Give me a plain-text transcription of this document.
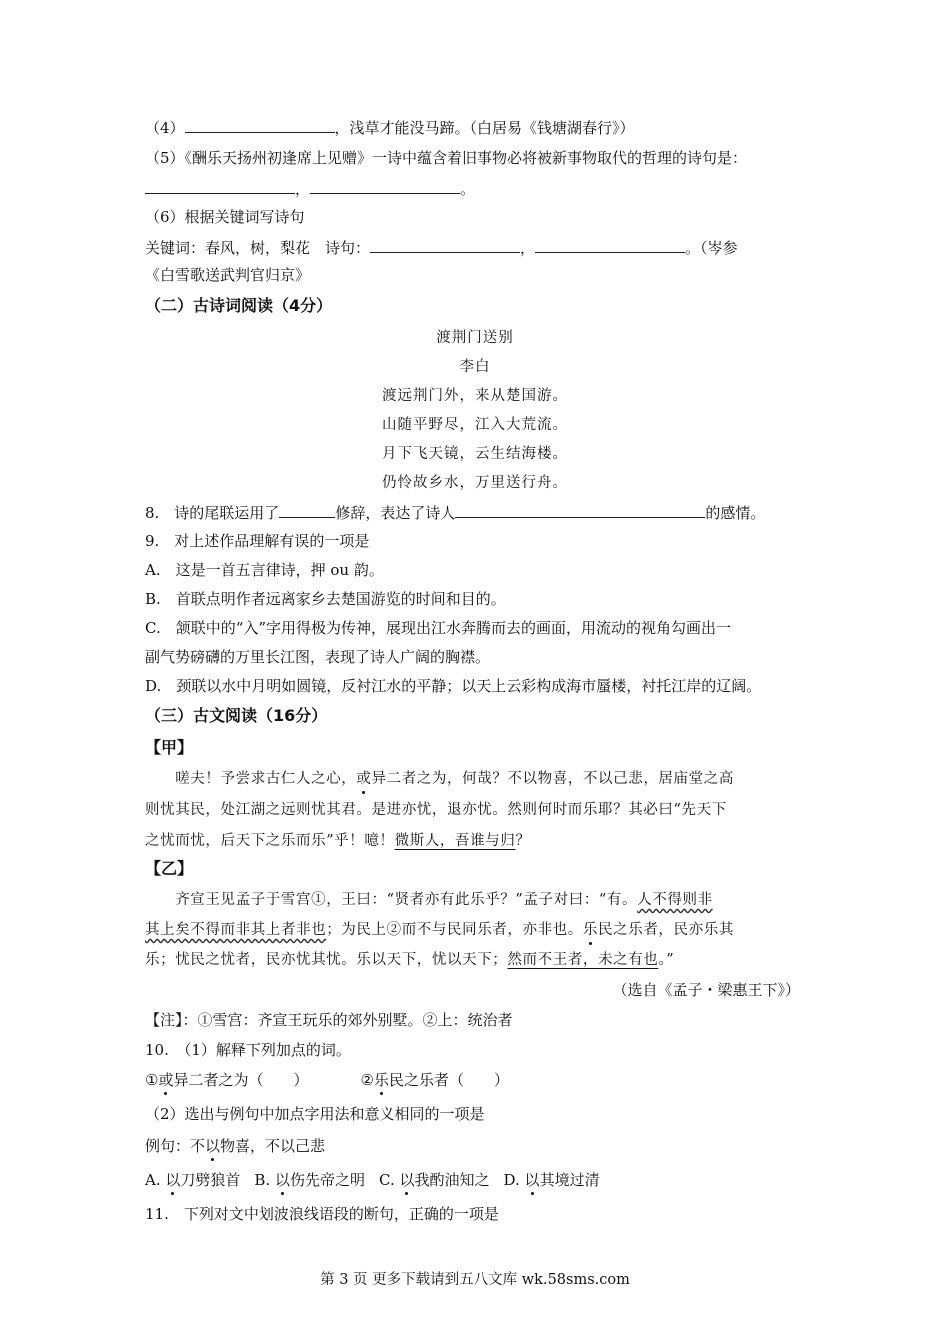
（4）	，浅草才能没马蹄。（白居易《钱塘湖春行》）
（5）《酬乐天扬州初逢席上见赠》一诗中蕴含着旧事物必将被新事物取代的哲理的诗句是：
，	。
（6）根据关键词写诗句
关键词：春风，树，梨花　诗句：	，	。（岑参
《白雪歌送武判官归京》
（二）古诗词阅读（4分）
渡荆门送别
李白
渡远荆门外，来从楚国游。
山随平野尽，江入大荒流。
月下飞天镜，云生结海楼。
仍怜故乡水，万里送行舟。
8.　诗的尾联运用了	修辞，表达了诗人	的感情。
9.　对上述作品理解有误的一项是
A.　这是一首五言律诗，押 ou 韵。
B.　首联点明作者远离家乡去楚国游览的时间和目的。
C.　颔联中的“入”字用得极为传神，展现出江水奔腾而去的画面，用流动的视角勾画出一
副气势磅礴的万里长江图，表现了诗人广阔的胸襟。
D.　颈联以水中月明如圆镜，反衬江水的平静；以天上云彩构成海市蜃楼，衬托江岸的辽阔。
（三）古文阅读（16分）
【甲】
　　嗟夫！予尝求古仁人之心，或异二者之为，何哉？不以物喜，不以己悲，居庙堂之高
则忧其民，处江湖之远则忧其君。是进亦忧，退亦忧。然则何时而乐耶？其必曰“先天下
之忧而忧，后天下之乐而乐”乎！噫！微斯人，吾谁与归？
【乙】
　　齐宣王见孟子于雪宫①，王曰：“贤者亦有此乐乎？”孟子对曰：“有。人不得则非
其上矣不得而非其上者非也；为民上②而不与民同乐者，亦非也。乐民之乐者，民亦乐其
乐；忧民之忧者，民亦忧其忧。乐以天下，忧以天下；然而不王者，未之有也。”
（选自《孟子・梁惠王下》）
【注】：①雪宫：齐宣王玩乐的郊外别墅。②上：统治者
10.　（1）解释下列加点的词。
①或异二者之为（　　）	②乐民之乐者（　　）
（2）选出与例句中加点字用法和意义相同的一项是
例句：不以物喜，不以己悲
A. 以刀劈狼首 B. 以伤先帝之明 C. 以我酌油知之 D. 以其境过清
11.　下列对文中划波浪线语段的断句，正确的一项是
第 3 页 更多下载请到五八文库 wk.58sms.com
